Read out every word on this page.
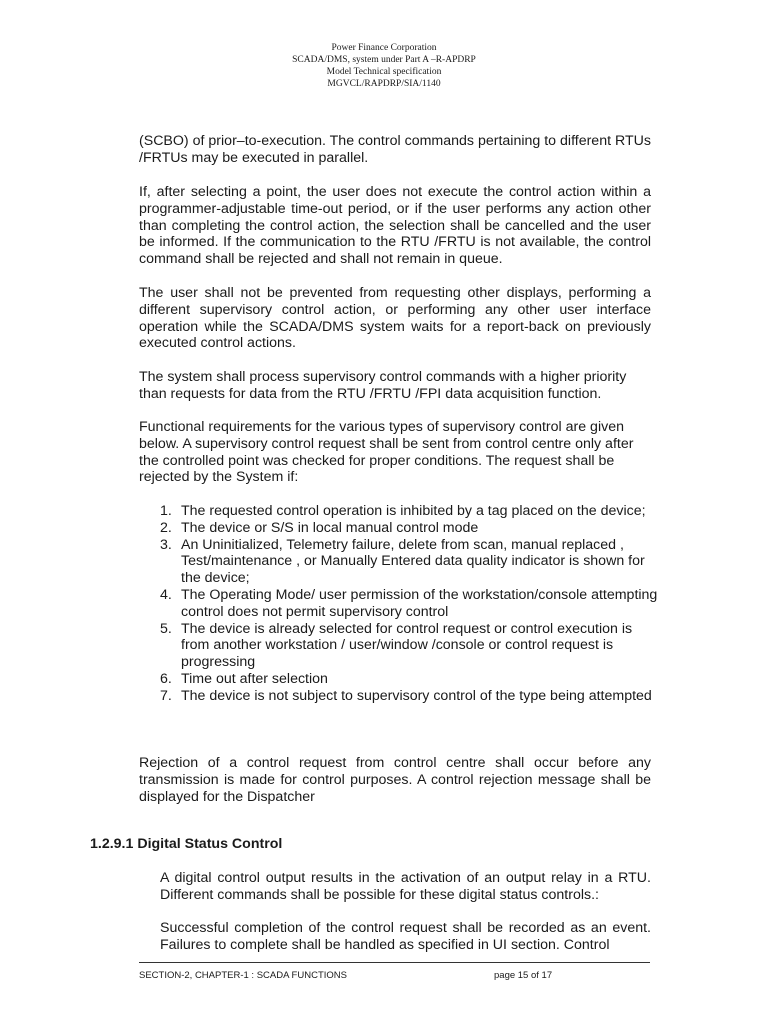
Power Finance Corporation
SCADA/DMS, system under Part A –R-APDRP
Model Technical specification
MGVCL/RAPDRP/SIA/1140

(SCBO) of prior–to-execution. The control commands pertaining to different RTUs /FRTUs may be executed in parallel.

If, after selecting a point, the user does not execute the control action within a programmer-adjustable time-out period, or if the user performs any action other than completing the control action, the selection shall be cancelled and the user be informed. If the communication to the RTU /FRTU is not available, the control command shall be rejected and shall not remain in queue.

The user shall not be prevented from requesting other displays, performing a different supervisory control action, or performing any other user interface operation while the SCADA/DMS system waits for a report-back on previously executed control actions.

The system shall process supervisory control commands with a higher priority than requests for data from the RTU /FRTU /FPI data acquisition function.

Functional requirements for the various types of supervisory control are given below. A supervisory control request shall be sent from control centre only after the controlled point was checked for proper conditions. The request shall be rejected by the System if:

1. The requested control operation is inhibited by a tag placed on the device;
2. The device or S/S in local manual control mode
3. An Uninitialized, Telemetry failure, delete from scan, manual replaced , Test/maintenance , or Manually Entered data quality indicator is shown for the device;
4. The Operating Mode/ user permission of the workstation/console attempting control does not permit supervisory control
5. The device is already selected for control request or control execution is from another workstation / user/window /console or control request is progressing
6. Time out after selection
7. The device is not subject to supervisory control of the type being attempted

Rejection of a control request from control centre shall occur before any transmission is made for control purposes. A control rejection message shall be displayed for the Dispatcher

1.2.9.1 Digital Status Control

A digital control output results in the activation of an output relay in a RTU. Different commands shall be possible for these digital status controls.:

Successful completion of the control request shall be recorded as an event. Failures to complete shall be handled as specified in UI section. Control

SECTION-2, CHAPTER-1 : SCADA FUNCTIONS	page 15 of 17
